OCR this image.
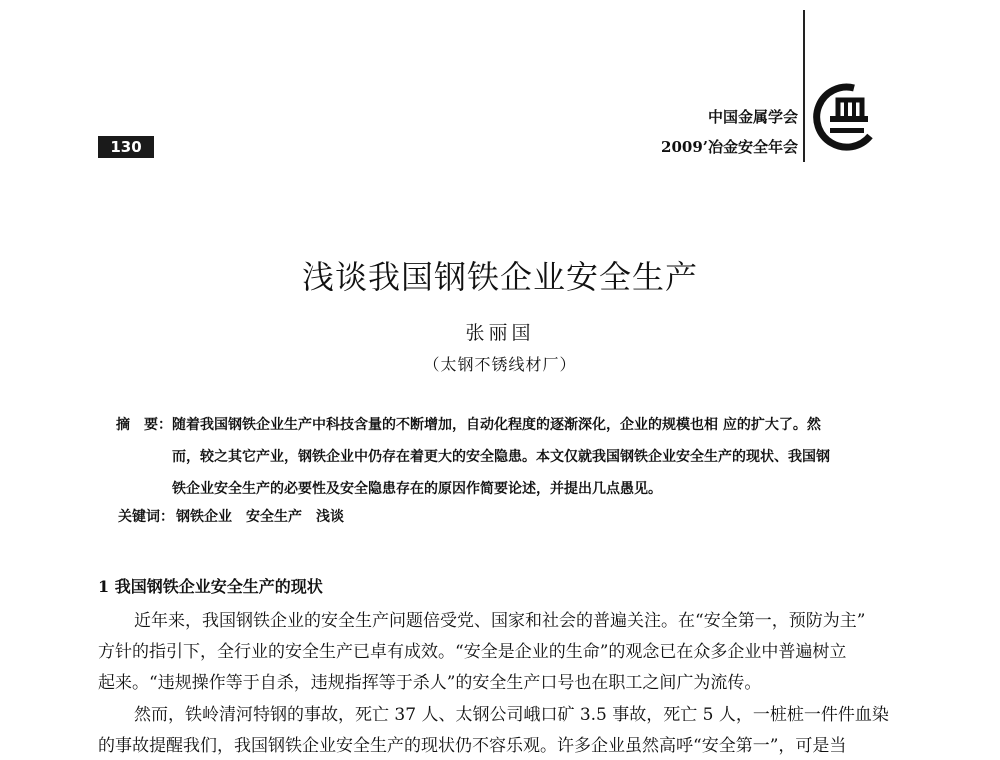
130
中国金属学会
2009’冶金安全年会
浅谈我国钢铁企业安全生产
张丽国
（太钢不锈线材厂）
摘　要： 随着我国钢铁企业生产中科技含量的不断增加，自动化程度的逐渐深化，企业的规模也相 应的扩大了。然
而，较之其它产业，钢铁企业中仍存在着更大的安全隐患。本文仅就我国钢铁企业安全生产的现状、我国钢
铁企业安全生产的必要性及安全隐患存在的原因作简要论述，并提出几点愚见。
关键词： 钢铁企业　安全生产　浅谈
1 我国钢铁企业安全生产的现状
近年来，我国钢铁企业的安全生产问题倍受党、国家和社会的普遍关注。在“安全第一，预防为主”
方针的指引下，全行业的安全生产已卓有成效。“安全是企业的生命”的观念已在众多企业中普遍树立
起来。“违规操作等于自杀，违规指挥等于杀人”的安全生产口号也在职工之间广为流传。
然而，铁岭清河特钢的事故，死亡 37 人、太钢公司峨口矿 3.5 事故，死亡 5 人，一桩桩一件件血染
的事故提醒我们，我国钢铁企业安全生产的现状仍不容乐观。许多企业虽然高呼“安全第一”，可是当
